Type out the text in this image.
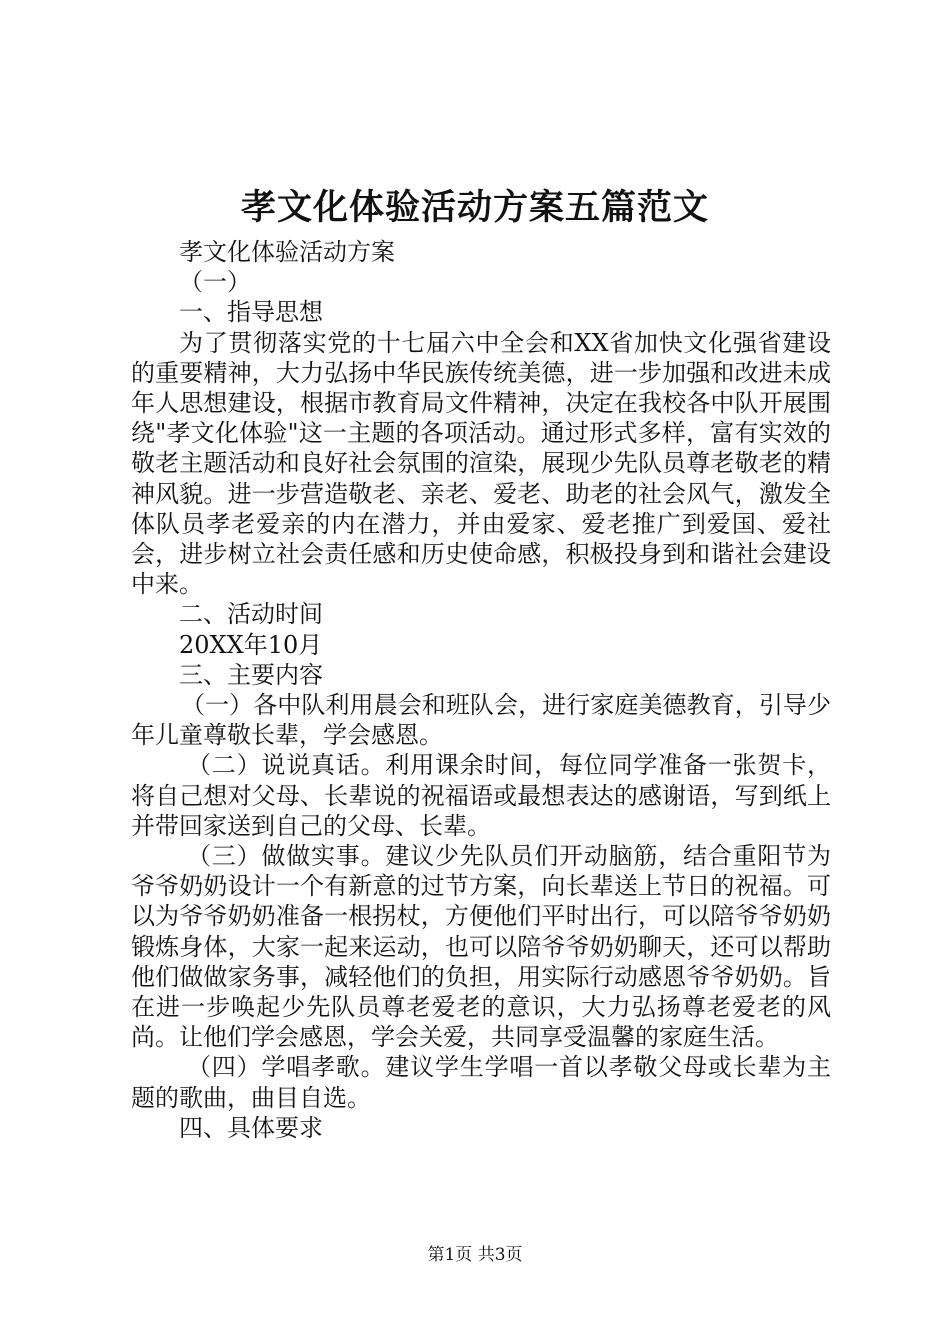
孝文化体验活动方案五篇范文

孝文化体验活动方案

（一）

一、指导思想

为了贯彻落实党的十七届六中全会和XX省加快文化强省建设的重要精神，大力弘扬中华民族传统美德，进一步加强和改进未成年人思想建设，根据市教育局文件精神，决定在我校各中队开展围绕"孝文化体验"这一主题的各项活动。通过形式多样，富有实效的敬老主题活动和良好社会氛围的渲染，展现少先队员尊老敬老的精神风貌。进一步营造敬老、亲老、爱老、助老的社会风气，激发全体队员孝老爱亲的内在潜力，并由爱家、爱老推广到爱国、爱社会，进步树立社会责任感和历史使命感，积极投身到和谐社会建设中来。

二、活动时间

20XX年10月

三、主要内容

（一）各中队利用晨会和班队会，进行家庭美德教育，引导少年儿童尊敬长辈，学会感恩。

（二）说说真话。利用课余时间，每位同学准备一张贺卡，将自己想对父母、长辈说的祝福语或最想表达的感谢语，写到纸上并带回家送到自己的父母、长辈。

（三）做做实事。建议少先队员们开动脑筋，结合重阳节为爷爷奶奶设计一个有新意的过节方案，向长辈送上节日的祝福。可以为爷爷奶奶准备一根拐杖，方便他们平时出行，可以陪爷爷奶奶锻炼身体，大家一起来运动，也可以陪爷爷奶奶聊天，还可以帮助他们做做家务事，减轻他们的负担，用实际行动感恩爷爷奶奶。旨在进一步唤起少先队员尊老爱老的意识，大力弘扬尊老爱老的风尚。让他们学会感恩，学会关爱，共同享受温馨的家庭生活。

（四）学唱孝歌。建议学生学唱一首以孝敬父母或长辈为主题的歌曲，曲目自选。

四、具体要求

第1页 共3页
